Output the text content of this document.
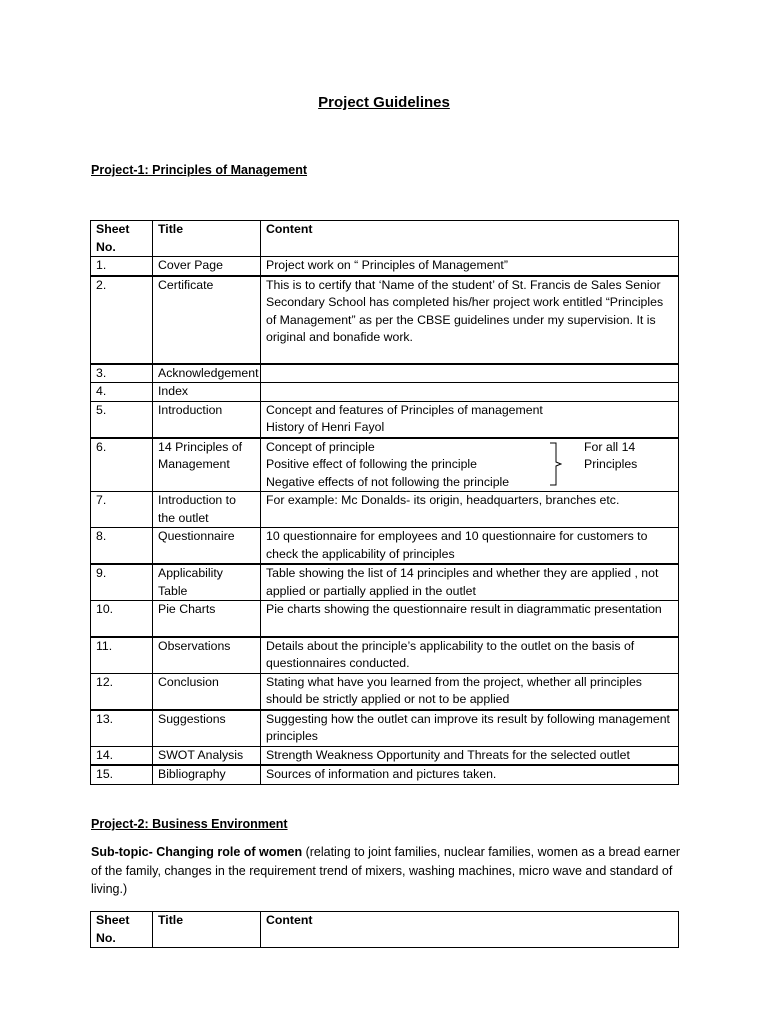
Project Guidelines
Project-1: Principles of Management
Sheet No.	Title	Content
1.	Cover Page	Project work on “ Principles of Management”
2.	Certificate	This is to certify that ‘Name of the student’ of St. Francis de Sales Senior Secondary School has completed his/her project work entitled “Principles of Management” as per the CBSE guidelines under my supervision. It is original and bonafide work.
3.	Acknowledgement	
4.	Index	
5.	Introduction	Concept and features of Principles of management
History of Henri Fayol
6.	14 Principles of Management	Concept of principle
Positive effect of following the principle
Negative effects of not following the principle
For all 14 Principles

7.	Introduction to the outlet	For example: Mc Donalds- its origin, headquarters, branches etc.
8.	Questionnaire	10 questionnaire for employees and 10 questionnaire for customers to check the applicability of principles
9.	Applicability Table	Table showing the list of 14 principles and whether they are applied , not applied or partially applied in the outlet
10.	Pie Charts	Pie charts showing the questionnaire result in diagrammatic presentation
11.	Observations	Details about the principle’s applicability to the outlet on the basis of questionnaires conducted.
12.	Conclusion	Stating what have you learned from the project, whether all principles should be strictly applied or not to be applied
13.	Suggestions	Suggesting how the outlet can improve its result by following management principles
14.	SWOT Analysis	Strength Weakness Opportunity and Threats for the selected outlet
15.	Bibliography	Sources of information and pictures taken.
Project-2: Business Environment
Sub-topic- Changing role of women (relating to joint families, nuclear families, women as a bread earner of the family, changes in the requirement trend of mixers, washing machines, micro wave and standard of living.)
Sheet No.	Title	Content
